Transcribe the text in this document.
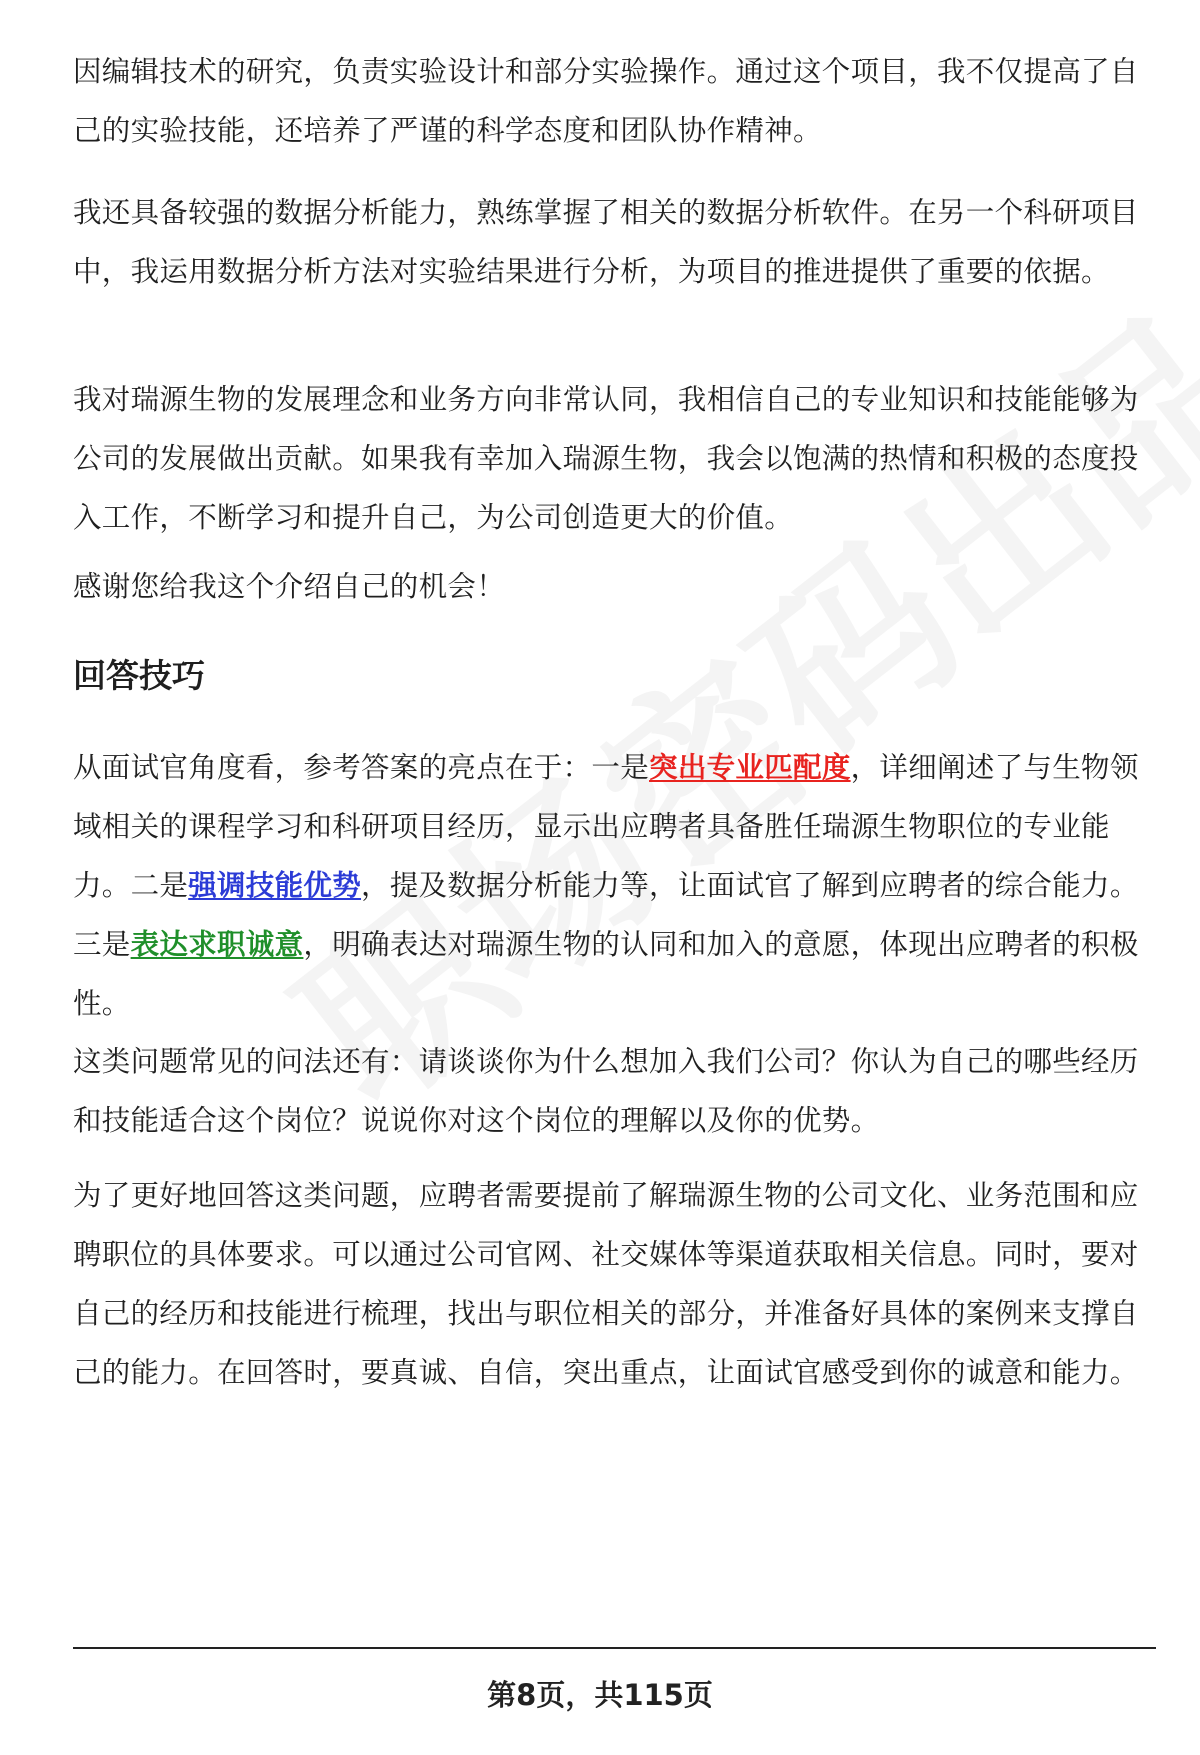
因编辑技术的研究，负责实验设计和部分实验操作。通过这个项目，我不仅提高了自己的实验技能，还培养了严谨的科学态度和团队协作精神。

我还具备较强的数据分析能力，熟练掌握了相关的数据分析软件。在另一个科研项目中，我运用数据分析方法对实验结果进行分析，为项目的推进提供了重要的依据。

我对瑞源生物的发展理念和业务方向非常认同，我相信自己的专业知识和技能能够为公司的发展做出贡献。如果我有幸加入瑞源生物，我会以饱满的热情和积极的态度投入工作，不断学习和提升自己，为公司创造更大的价值。

感谢您给我这个介绍自己的机会！

回答技巧

从面试官角度看，参考答案的亮点在于：一是突出专业匹配度，详细阐述了与生物领域相关的课程学习和科研项目经历，显示出应聘者具备胜任瑞源生物职位的专业能力。二是强调技能优势，提及数据分析能力等，让面试官了解到应聘者的综合能力。三是表达求职诚意，明确表达对瑞源生物的认同和加入的意愿，体现出应聘者的积极性。

这类问题常见的问法还有：请谈谈你为什么想加入我们公司？你认为自己的哪些经历和技能适合这个岗位？说说你对这个岗位的理解以及你的优势。

为了更好地回答这类问题，应聘者需要提前了解瑞源生物的公司文化、业务范围和应聘职位的具体要求。可以通过公司官网、社交媒体等渠道获取相关信息。同时，要对自己的经历和技能进行梳理，找出与职位相关的部分，并准备好具体的案例来支撑自己的能力。在回答时，要真诚、自信，突出重点，让面试官感受到你的诚意和能力。

第8页，共115页
